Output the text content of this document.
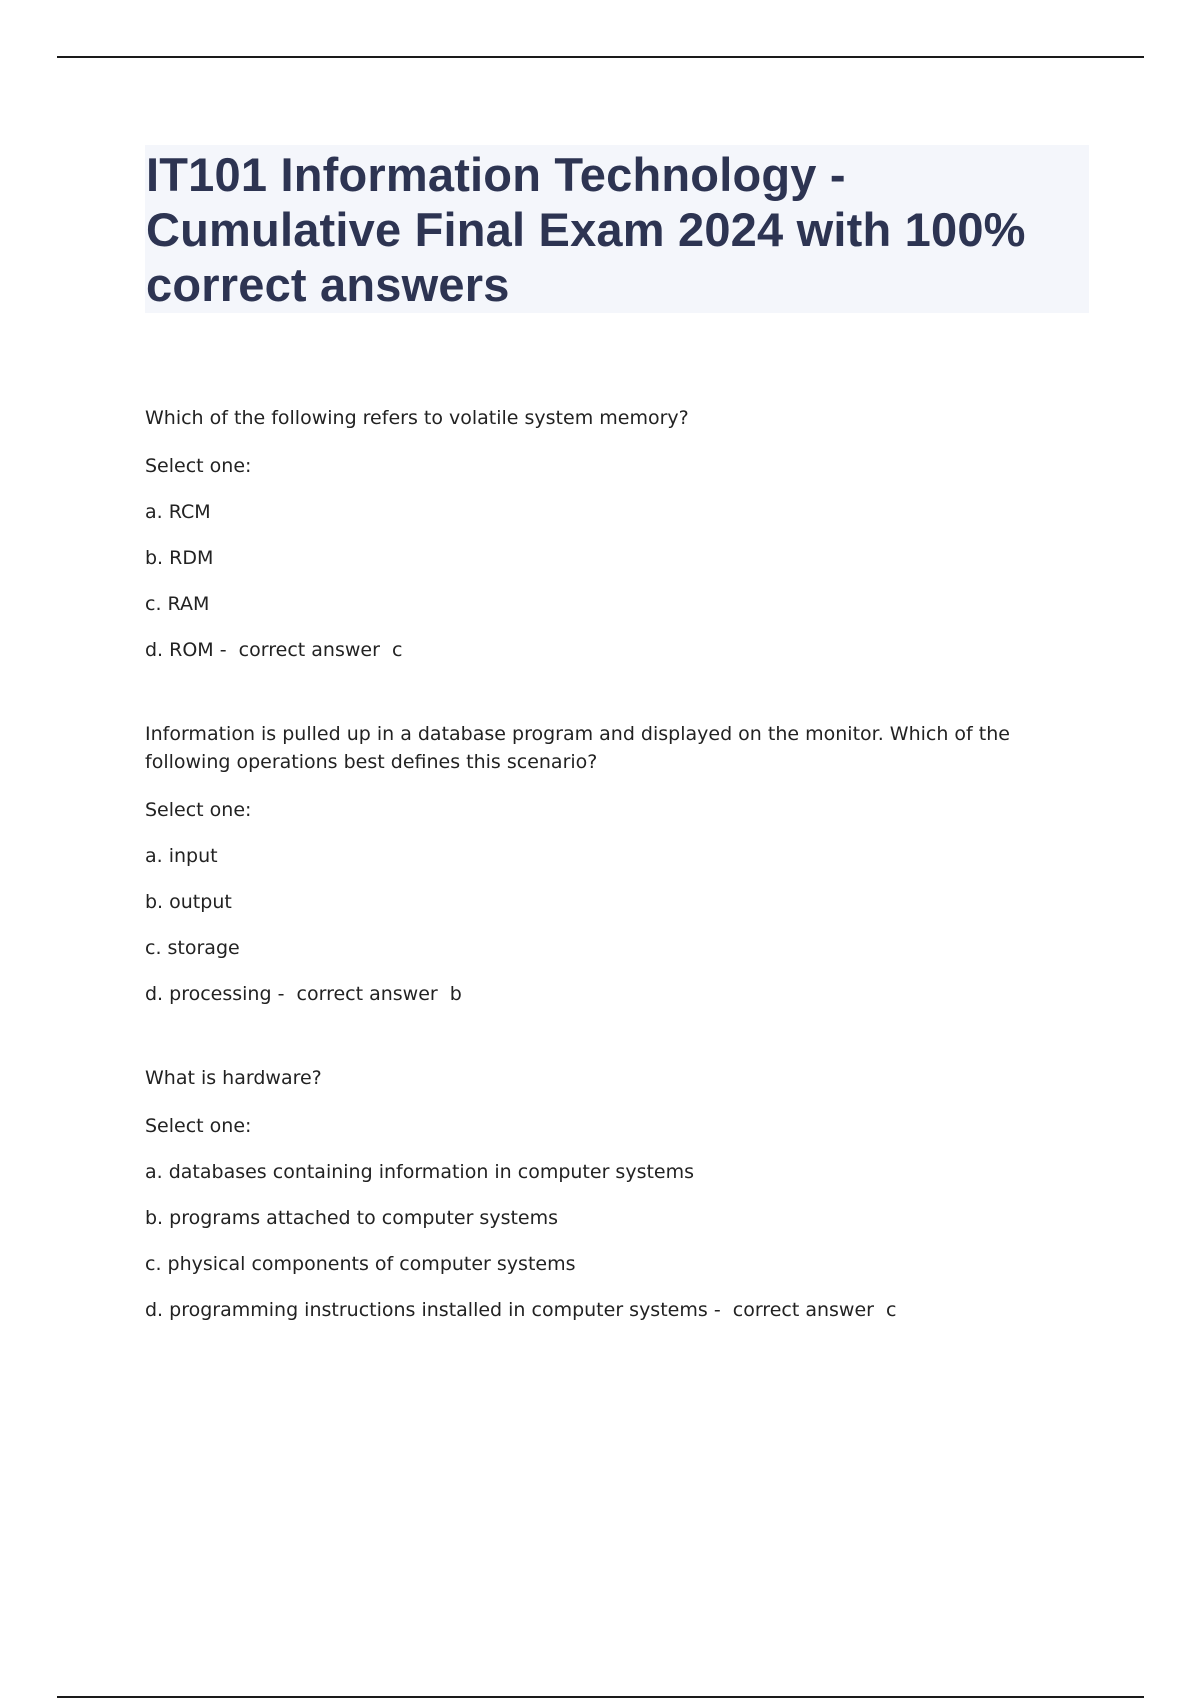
IT101 Information Technology - Cumulative Final Exam 2024 with 100% correct answers
Which of the following refers to volatile system memory?
Select one:
a. RCM
b. RDM
c. RAM
d. ROM -  correct answer  c
Information is pulled up in a database program and displayed on the monitor. Which of the following operations best defines this scenario?
Select one:
a. input
b. output
c. storage
d. processing -  correct answer  b
What is hardware?
Select one:
a. databases containing information in computer systems
b. programs attached to computer systems
c. physical components of computer systems
d. programming instructions installed in computer systems -  correct answer  c
